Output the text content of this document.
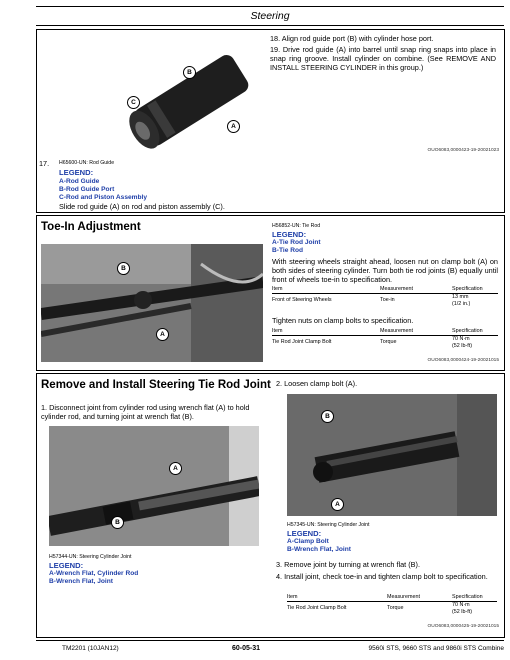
Steering
B
C
A
18. Align rod guide port (B) with cylinder hose port.
19. Drive rod guide (A) into barrel until snap ring snaps into place in snap ring groove. Install cylinder on combine. (See REMOVE AND INSTALL STEERING CYLINDER in this group.)
OUO6083,0000423-19-20021023
17. H65600-UN: Rod Guide
LEGEND:
A-Rod Guide
B-Rod Guide Port
C-Rod and Piston Assembly
Slide rod guide (A) on rod and piston assembly (C).
Toe-In Adjustment
B
A
H56852-UN: Tie Rod
LEGEND:
A-Tie Rod Joint
B-Tie Rod
With steering wheels straight ahead, loosen nut on clamp bolt (A) on both sides of steering cylinder. Turn both tie rod joints (B) equally until front of wheels toe-in to specification.
Item	Measurement	Specification
Front of Steering Wheels	Toe-in	13 mm
(1/2 in.)
Tighten nuts on clamp bolts to specification.
Item	Measurement	Specification
Tie Rod Joint Clamp Bolt	Torque	70 N·m
(52 lb-ft)
OUO6083,0000424-19-20021015
Remove and Install Steering Tie Rod Joint
1. Disconnect joint from cylinder rod using wrench flat (A) to hold cylinder rod, and turning joint at wrench flat (B).
A
B
H57344-UN: Steering Cylinder Joint
LEGEND:
A-Wrench Flat, Cylinder Rod
B-Wrench Flat, Joint
2. Loosen clamp bolt (A).
B
A
H57345-UN: Steering Cylinder Joint
LEGEND:
A-Clamp Bolt
B-Wrench Flat, Joint
3. Remove joint by turning at wrench flat (B).
4. Install joint, check toe-in and tighten clamp bolt to specification.
Item	Measurement	Specification
Tie Rod Joint Clamp Bolt	Torque	70 N·m
(52 lb-ft)
OUO6083,0000425-19-20021015
TM2201 (10JAN12)	60-05-31	9560i STS, 9660 STS and 9860i STS Combine
